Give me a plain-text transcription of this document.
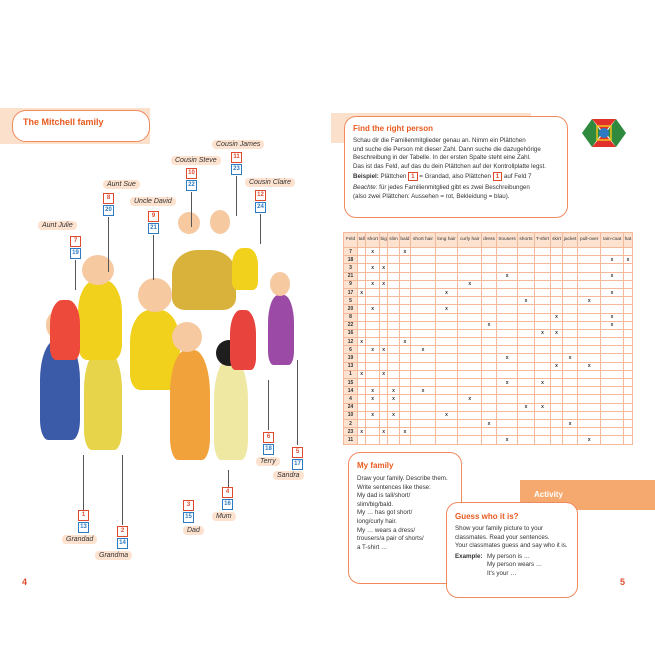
The Mitchell family
Cousin James
11
23
Cousin Steve
10
22	Cousin Claire
12
24
Aunt Sue
8
20
Uncle David
9
21
Aunt Julie
7
19
6
18
Terry
5
17
Sandra
1
13
Grandad
2
14
Grandma
3
15
Dad
4
16
Mum
4
Find the right person
Schau dir die Familienmitglieder genau an. Nimm ein Plättchen
und suche die Person mit dieser Zahl. Dann suche die dazugehörige
Beschreibung in der Tabelle. In der ersten Spalte steht eine Zahl.
Das ist das Feld, auf das du dein Plättchen auf der Kontrollplatte legst.
Beispiel: Plättchen 1 = Grandad, also Plättchen 1 auf Feld 7
Beachte: für jedes Familienmitglied gibt es zwei Beschreibungen
(also zwei Plättchen: Aussehen = rot, Bekleidung = blau).
Feld	tall	short	big	slim	bald	short hair	long hair	curly hair	dress	trousers	shorts	T-shirt	skirt	jacket	pull-over	rain-coat	hat
7		x			x												
18																x	x
3		x	x														
21										x						x	
9		x	x					x									
17	x						x									x	
5											x				x		
20		x					x										
8													x			x	
22									x							x	
16												x	x				
12	x				x												
6		x	x			x											
19										x				x			
13													x		x		
1	x		x														
15										x		x					
14		x		x		x											
4		x		x				x									
24											x	x					
10		x		x			x										
2									x					x			
23	x		x		x												
11										x					x		
My family
Draw your family. Describe them.
Write sentences like these:
My dad is tall/short/
slim/big/bald.
My … has got short/
long/curly hair.
My … wears a dress/
trousers/a pair of shorts/
a T-shirt …
Activity
Guess who it is?
Show your family picture to your
classmates. Read your sentences.
Your classmates guess and say who it is.
Example: My person is …
My person wears …
It's your …
5
